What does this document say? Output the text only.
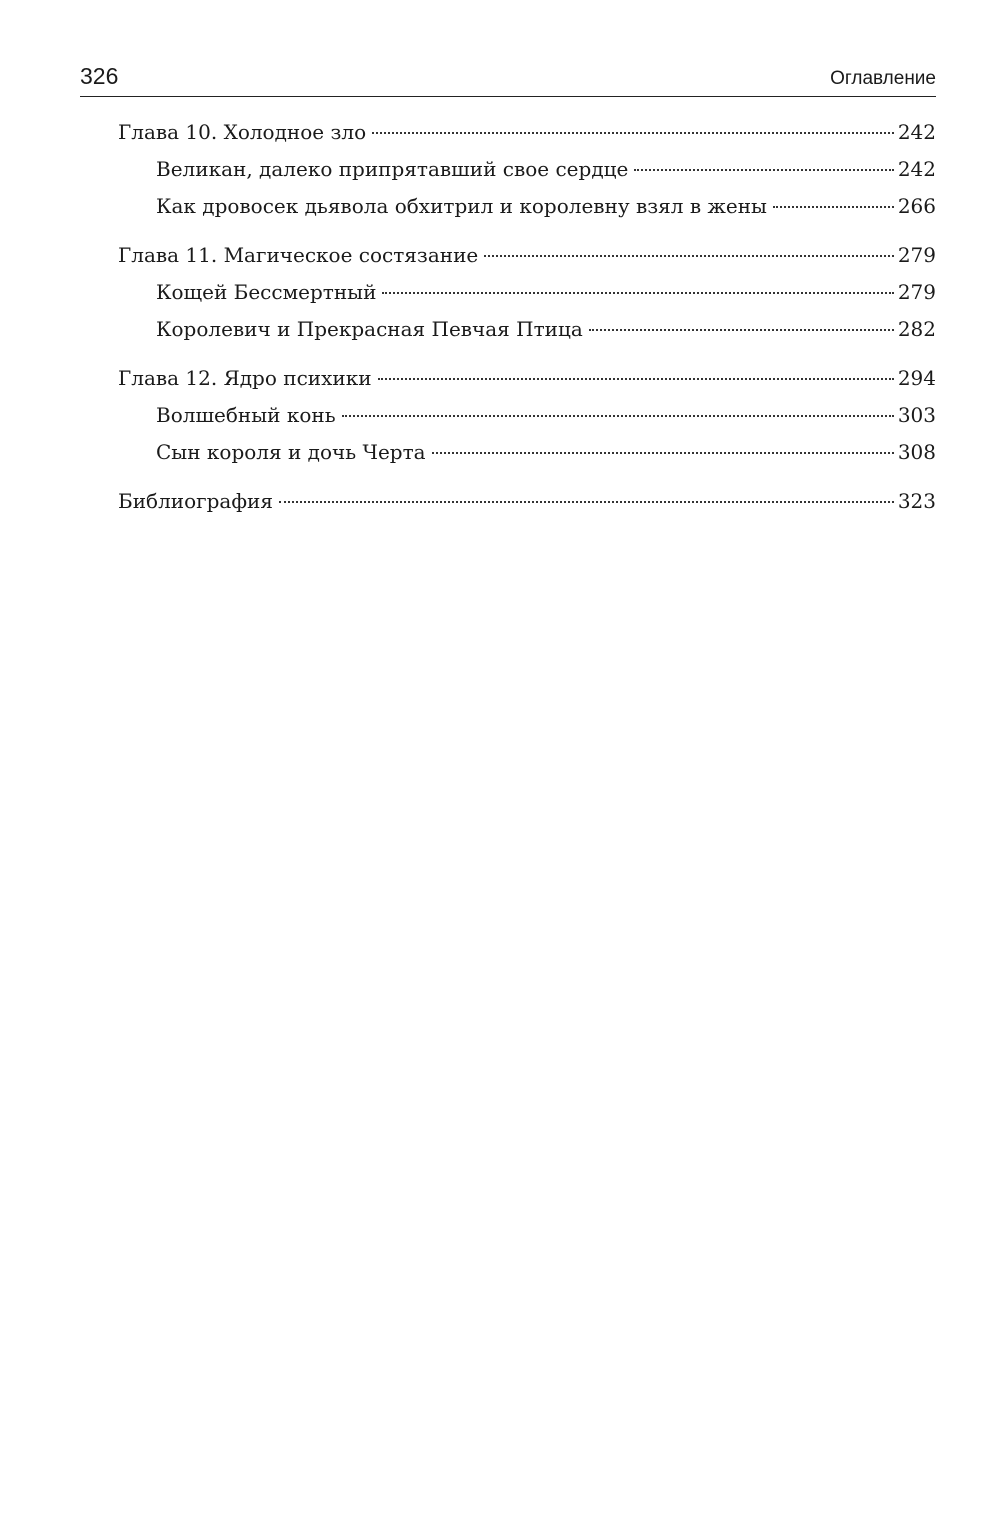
326	Оглавление
Глава 10. Холодное зло	242
Великан, далеко припрятавший свое сердце	242
Как дровосек дьявола обхитрил и королевну взял в жены	266
Глава 11. Магическое состязание	279
Кощей Бессмертный	279
Королевич и Прекрасная Певчая Птица	282
Глава 12. Ядро психики	294
Волшебный конь	303
Сын короля и дочь Черта	308
Библиография	323
